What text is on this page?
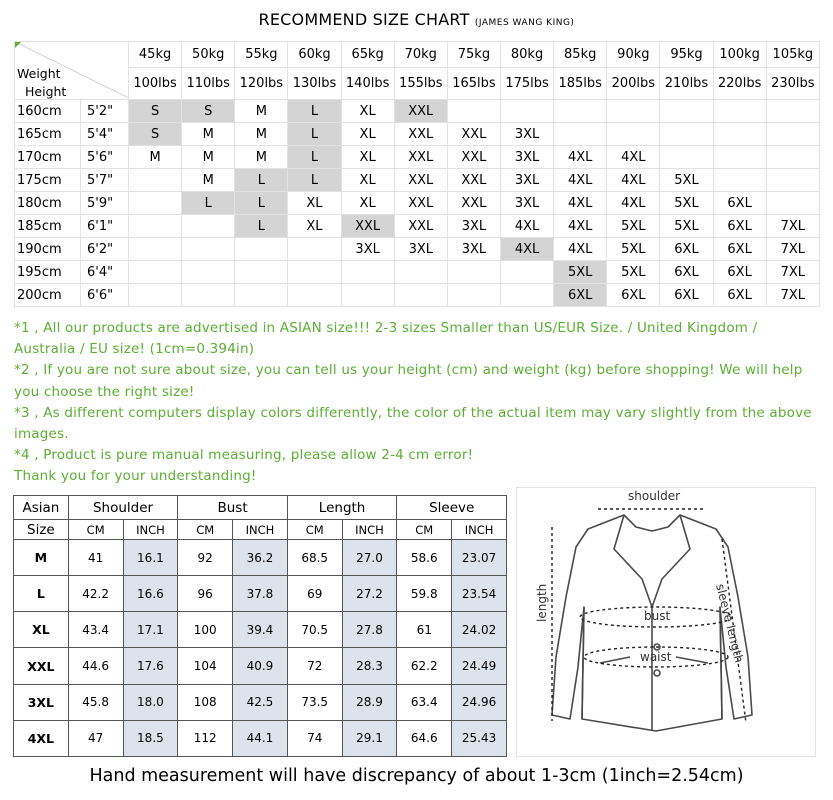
RECOMMEND SIZE CHART (JAMES WANG KING)
Weight
Height		45kg	50kg	55kg	60kg	65kg	70kg	75kg	80kg	85kg	90kg	95kg	100kg	105kg
		100lbs	110lbs	120lbs	130lbs	140lbs	155lbs	165lbs	175lbs	185lbs	200lbs	210lbs	220lbs	230lbs
160cm	5'2"	S	S	M	L	XL	XXL							
165cm	5'4"	S	M	M	L	XL	XXL	XXL	3XL					
170cm	5'6"	M	M	M	L	XL	XXL	XXL	3XL	4XL	4XL			
175cm	5'7"		M	L	L	XL	XXL	XXL	3XL	4XL	4XL	5XL		
180cm	5'9"		L	L	XL	XL	XXL	XXL	3XL	4XL	4XL	5XL	6XL	
185cm	6'1"			L	XL	XXL	XXL	3XL	4XL	4XL	5XL	5XL	6XL	7XL
190cm	6'2"					3XL	3XL	3XL	4XL	4XL	5XL	6XL	6XL	7XL
195cm	6'4"									5XL	5XL	6XL	6XL	7XL
200cm	6'6"									6XL	6XL	6XL	6XL	7XL
*1 , All our products are advertised in ASIAN size!!! 2-3 sizes Smaller than US/EUR Size. / United Kingdom / Australia / EU size! (1cm=0.394in)
*2 , If you are not sure about size, you can tell us your height (cm) and weight (kg) before shopping! We will help you choose the right size!
*3 , As different computers display colors differently, the color of the actual item may vary slightly from the above images.
*4 , Product is pure manual measuring, please allow 2-4 cm error!
Thank you for your understanding!
Asian	Shoulder		Bust		Length		Sleeve	
Size	CM	INCH	CM	INCH	CM	INCH	CM	INCH
M	41	16.1	92	36.2	68.5	27.0	58.6	23.07
L	42.2	16.6	96	37.8	69	27.2	59.8	23.54
XL	43.4	17.1	100	39.4	70.5	27.8	61	24.02
XXL	44.6	17.6	104	40.9	72	28.3	62.2	24.49
3XL	45.8	18.0	108	42.5	73.5	28.9	63.4	24.96
4XL	47	18.5	112	44.1	74	29.1	64.6	25.43
shoulder
length	bust
waist	sleeve length
Hand measurement will have discrepancy of about 1-3cm (1inch=2.54cm)
